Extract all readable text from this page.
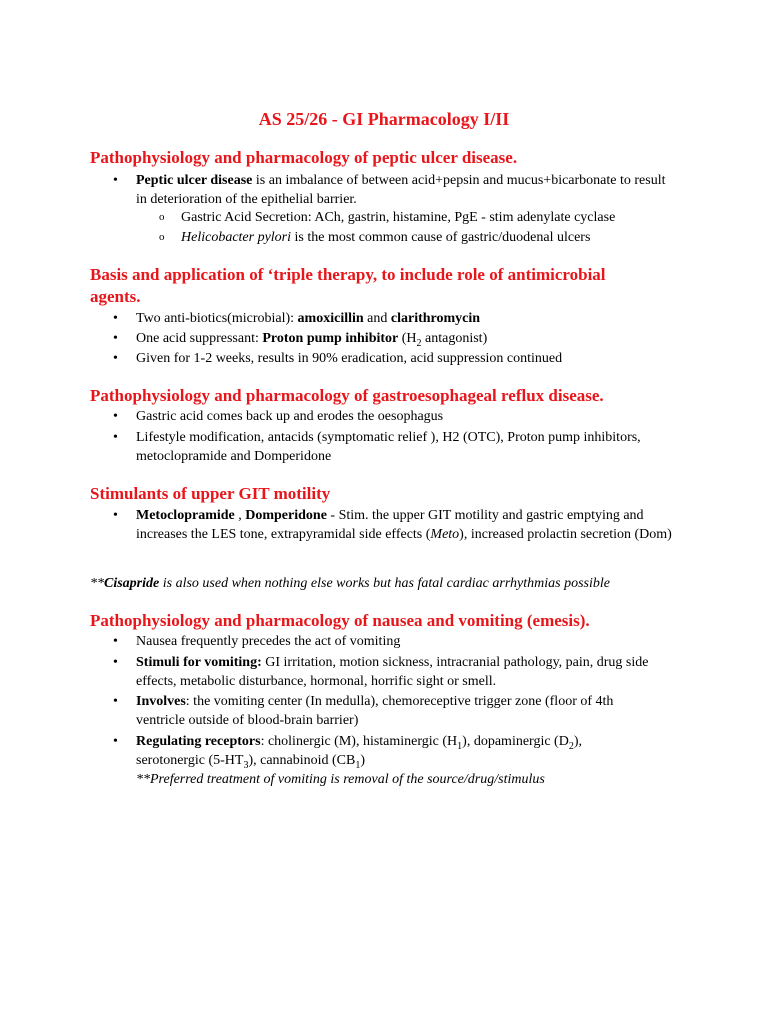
AS 25/26 - GI Pharmacology I/II
Pathophysiology and pharmacology of peptic ulcer disease.
• Peptic ulcer disease is an imbalance of between acid+pepsin and mucus+bicarbonate to result in deterioration of the epithelial barrier.
o Gastric Acid Secretion: ACh, gastrin, histamine, PgE - stim adenylate cyclase
o Helicobacter pylori is the most common cause of gastric/duodenal ulcers
Basis and application of ‘triple therapy, to include role of antimicrobial agents.
• Two anti-biotics(microbial): amoxicillin and clarithromycin
• One acid suppressant: Proton pump inhibitor ($H_2$ antagonist)
• Given for 1-2 weeks, results in 90% eradication, acid suppression continued
Pathophysiology and pharmacology of gastroesophageal reflux disease.
• Gastric acid comes back up and erodes the oesophagus
• Lifestyle modification, antacids (symptomatic relief ), H2 (OTC), Proton pump inhibitors, metoclopramide and Domperidone
Stimulants of upper GIT motility
• Metoclopramide , Domperidone - Stim. the upper GIT motility and gastric emptying and increases the LES tone, extrapyramidal side effects (Meto), increased prolactin secretion (Dom)
**Cisapride is also used when nothing else works but has fatal cardiac arrhythmias possible
Pathophysiology and pharmacology of nausea and vomiting (emesis).
• Nausea frequently precedes the act of vomiting
• Stimuli for vomiting: GI irritation, motion sickness, intracranial pathology, pain, drug side effects, metabolic disturbance, hormonal, horrific sight or smell.
• Involves: the vomiting center (In medulla), chemoreceptive trigger zone (floor of 4th ventricle outside of blood-brain barrier)
• Regulating receptors: cholinergic (M), histaminergic $(H_1)$, dopaminergic $(D_2)$, serotonergic $(5-HT_3)$, cannabinoid $(CB_1)$
**Preferred treatment of vomiting is removal of the source/drug/stimulus
